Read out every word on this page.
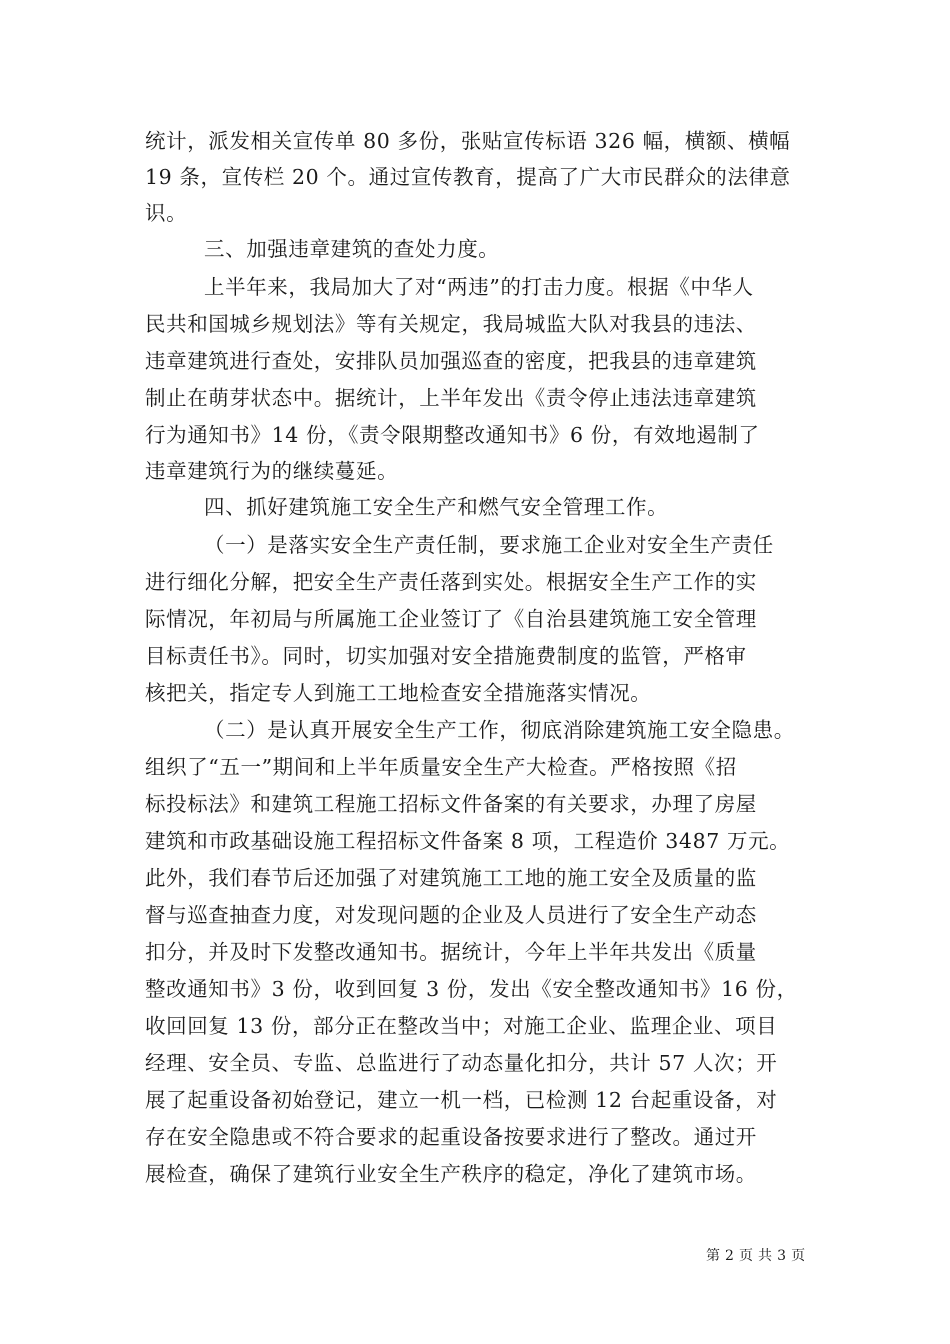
统计，派发相关宣传单 80 多份，张贴宣传标语 326 幅，横额、横幅
19 条，宣传栏 20 个。通过宣传教育，提高了广大市民群众的法律意
识。
三、加强违章建筑的查处力度。
上半年来，我局加大了对“两违”的打击力度。根据《中华人
民共和国城乡规划法》等有关规定，我局城监大队对我县的违法、
违章建筑进行查处，安排队员加强巡查的密度，把我县的违章建筑
制止在萌芽状态中。据统计，上半年发出《责令停止违法违章建筑
行为通知书》14 份，《责令限期整改通知书》6 份，有效地遏制了
违章建筑行为的继续蔓延。
四、抓好建筑施工安全生产和燃气安全管理工作。
（一）是落实安全生产责任制，要求施工企业对安全生产责任
进行细化分解，把安全生产责任落到实处。根据安全生产工作的实
际情况，年初局与所属施工企业签订了《自治县建筑施工安全管理
目标责任书》。同时，切实加强对安全措施费制度的监管，严格审
核把关，指定专人到施工工地检查安全措施落实情况。
（二）是认真开展安全生产工作，彻底消除建筑施工安全隐患。
组织了“五一”期间和上半年质量安全生产大检查。严格按照《招
标投标法》和建筑工程施工招标文件备案的有关要求，办理了房屋
建筑和市政基础设施工程招标文件备案 8 项，工程造价 3487 万元。
此外，我们春节后还加强了对建筑施工工地的施工安全及质量的监
督与巡查抽查力度，对发现问题的企业及人员进行了安全生产动态
扣分，并及时下发整改通知书。据统计，今年上半年共发出《质量
整改通知书》3 份，收到回复 3 份，发出《安全整改通知书》16 份，
收回回复 13 份，部分正在整改当中；对施工企业、监理企业、项目
经理、安全员、专监、总监进行了动态量化扣分，共计 57 人次；开
展了起重设备初始登记，建立一机一档，已检测 12 台起重设备，对
存在安全隐患或不符合要求的起重设备按要求进行了整改。通过开
展检查，确保了建筑行业安全生产秩序的稳定，净化了建筑市场。
第 2 页 共 3 页
